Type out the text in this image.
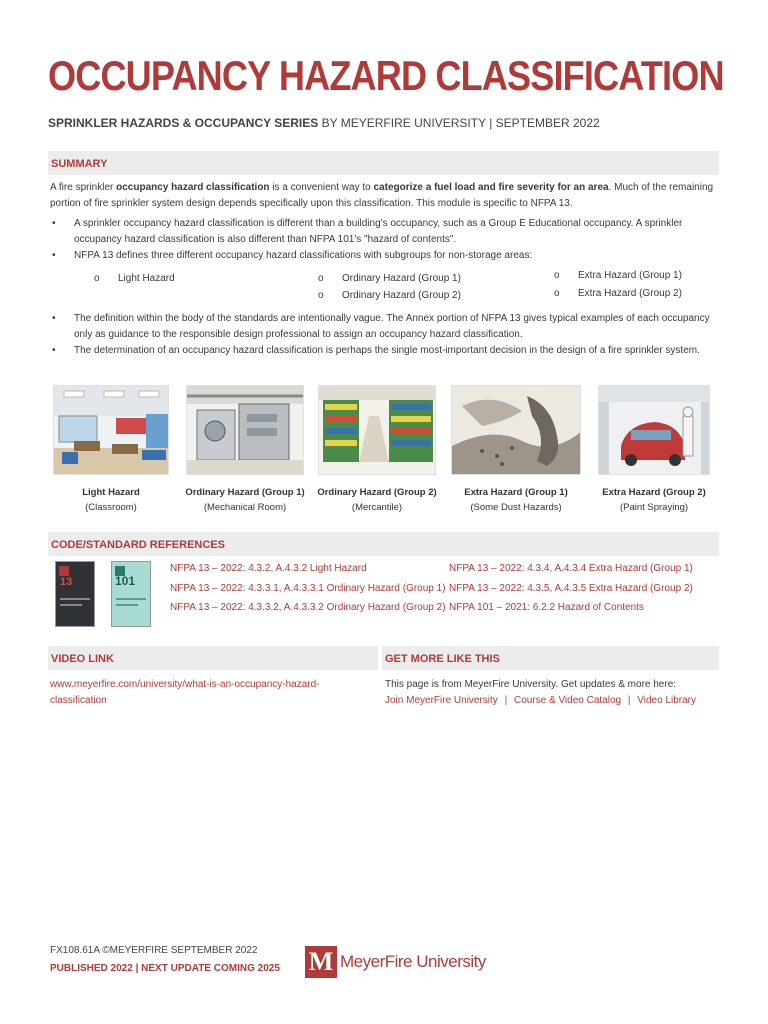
OCCUPANCY HAZARD CLASSIFICATION
SPRINKLER HAZARDS & OCCUPANCY SERIES BY MEYERFIRE UNIVERSITY | SEPTEMBER 2022
SUMMARY
A fire sprinkler occupancy hazard classification is a convenient way to categorize a fuel load and fire severity for an area. Much of the remaining portion of fire sprinkler system design depends specifically upon this classification. This module is specific to NFPA 13.
• A sprinkler occupancy hazard classification is different than a building's occupancy, such as a Group E Educational occupancy. A sprinkler occupancy hazard classification is also different than NFPA 101's "hazard of contents".
• NFPA 13 defines three different occupancy hazard classifications with subgroups for non-storage areas:
o Light Hazard	o Ordinary Hazard (Group 1)
o Ordinary Hazard (Group 2)
o Extra Hazard (Group 1)
o Extra Hazard (Group 2)
• The definition within the body of the standards are intentionally vague. The Annex portion of NFPA 13 gives typical examples of each occupancy only as guidance to the responsible design professional to assign an occupancy hazard classification.
• The determination of an occupancy hazard classification is perhaps the single most-important decision in the design of a fire sprinkler system.
Light Hazard
(Classroom)
Ordinary Hazard (Group 1)
(Mechanical Room)
Ordinary Hazard (Group 2)
(Mercantile)
Extra Hazard (Group 1)
(Some Dust Hazards)
Extra Hazard (Group 2)
(Paint Spraying)
CODE/STANDARD REFERENCES
13	101
NFPA 13 – 2022: 4.3.2, A.4.3.2 Light Hazard
NFPA 13 – 2022: 4.3.3.1, A.4.3.3.1 Ordinary Hazard (Group 1)
NFPA 13 – 2022: 4.3.3.2, A.4.3.3.2 Ordinary Hazard (Group 2)
NFPA 13 – 2022: 4.3.4, A.4.3.4 Extra Hazard (Group 1)
NFPA 13 – 2022: 4.3.5, A.4.3.5 Extra Hazard (Group 2)
NFPA 101 – 2021: 6.2.2 Hazard of Contents
VIDEO LINK	GET MORE LIKE THIS
www.meyerfire.com/university/what-is-an-occupancy-hazard-
classification
This page is from MeyerFire University. Get updates & more here:
Join MeyerFire University | Course & Video Catalog | Video Library
FX108.61A ©MEYERFIRE SEPTEMBER 2022
PUBLISHED 2022 | NEXT UPDATE COMING 2025 M MeyerFire University
